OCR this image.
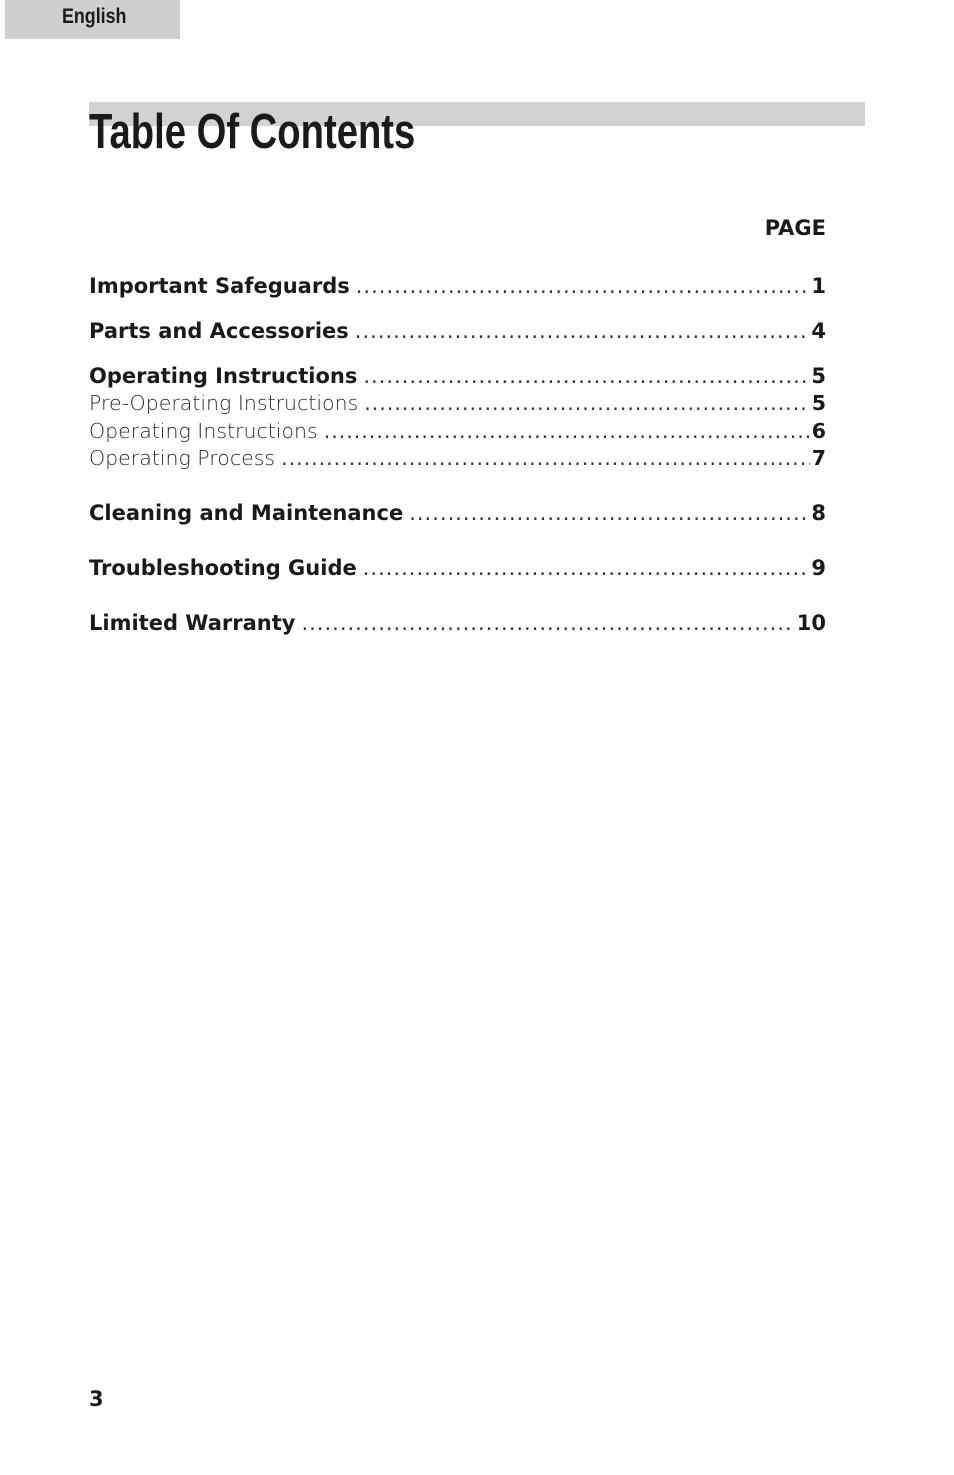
English
Table Of Contents
PAGE
Important Safeguards .....	1
Parts and Accessories .....	4
Operating Instructions .....	5
Pre-Operating Instructions .....	5
Operating Instructions .....	6
Operating Process .....	7
Cleaning and Maintenance .....	8
Troubleshooting Guide .....	9
Limited Warranty .....	10
3
